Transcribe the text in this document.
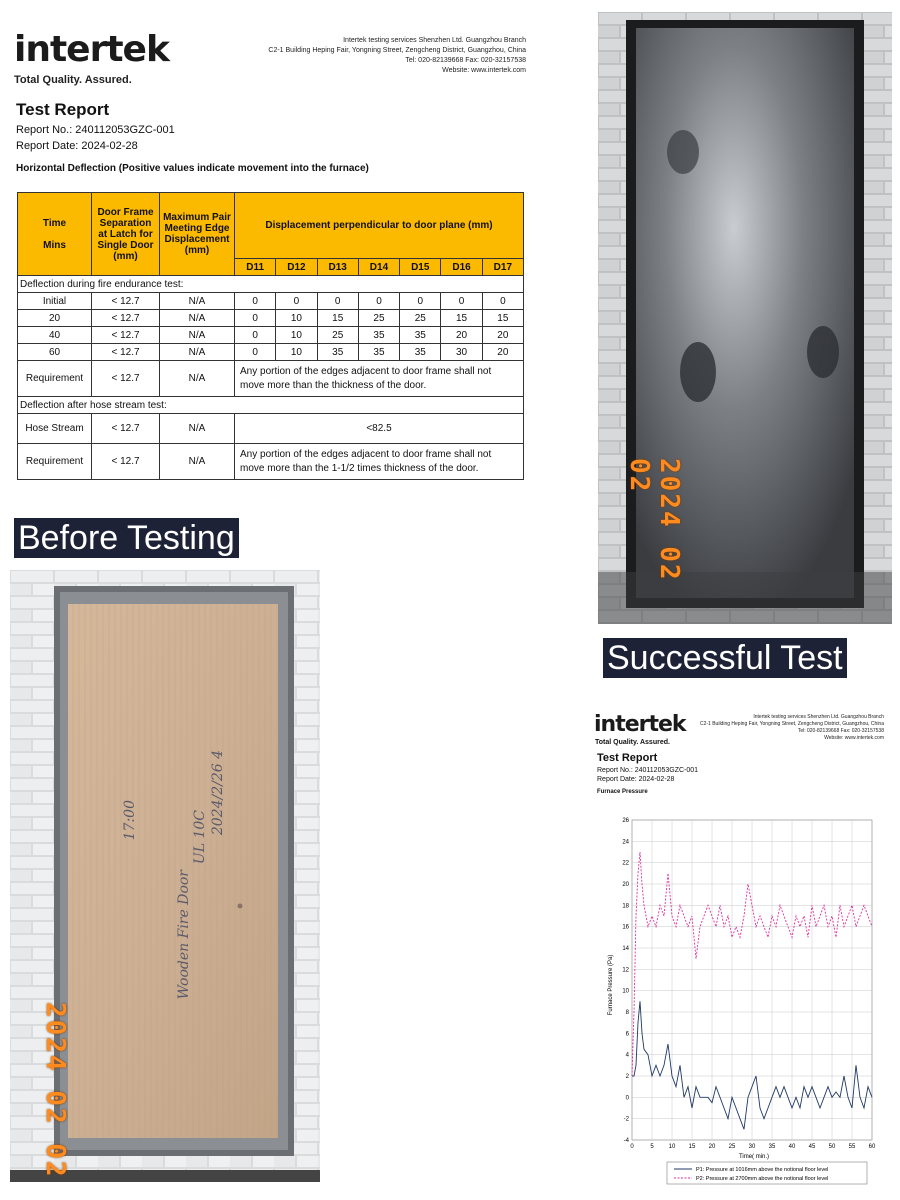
intertek
Total Quality. Assured.
Intertek testing services Shenzhen Ltd. Guangzhou Branch
C2-1 Building Heping Fair, Yongning Street, Zengcheng District, Guangzhou, China
Tel: 020-82139668 Fax: 020-32157538
Website: www.intertek.com
Test Report
Report No.: 240112053GZC-001
Report Date: 2024-02-28
Horizontal Deflection (Positive values indicate movement into the furnace)
Time

Mins	Door Frame Separation at Latch for Single Door (mm)	Maximum Pair Meeting Edge Displacement (mm)	Displacement perpendicular to door plane (mm)						
			D11	D12	D13	D14	D15	D16	D17
Deflection during fire endurance test:									
Initial	< 12.7	N/A	0	0	0	0	0	0	0
20	< 12.7	N/A	0	10	15	25	25	15	15
40	< 12.7	N/A	0	10	25	35	35	20	20
60	< 12.7	N/A	0	10	35	35	35	30	20
Requirement	< 12.7	N/A	Any portion of the edges adjacent to door frame shall not move more than the thickness of the door.						
Deflection after hose stream test:									
Hose Stream	< 12.7	N/A	<82.5						
Requirement	< 12.7	N/A	Any portion of the edges adjacent to door frame shall not move more than the 1-1/2 times thickness of the door.						
Before Testing
Successful Test
2024/2/26 4
UL 10C
Wooden Fire Door
17:00
2024 02 02
2024 02 02
intertek
Total Quality. Assured.
Intertek testing services Shenzhen Ltd. Guangzhou Branch
C2-1 Building Heping Fair, Yongning Street, Zengcheng District, Guangzhou, China
Tel: 020-82139668 Fax: 020-32157538
Website: www.intertek.com
Test Report
Report No.: 240112053GZC-001
Report Date: 2024-02-28
Furnace Pressure
-4
-2
0
2
4
6
8
10
12
14
16
18
20
22
24
26
0	5 10 15 20 25 30 35 40 45 50 55 60
Furnace Pressure (Pa)
Time( min.)
P1: Pressure at 1016mm above the notional floor level
P2: Pressure at 2700mm above the notional floor level
